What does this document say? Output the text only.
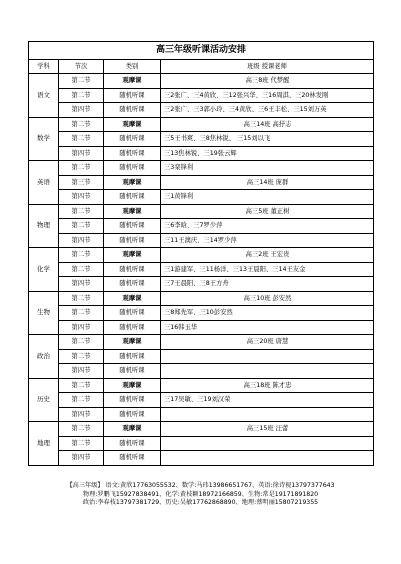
高三年级听课活动安排			
学科	节次	类别	班级 授课老师
语文	第二节	观摩课	高三8班 代梦醒
	第二节	随机听课	三2张广、三4黄欣、三12张兴华、三16周淇、三20林发刚
	第四节	随机听课	三2张广、三3郭小玲、三4黄欣、三6王丰松、三15刘万英
数学	第二节	观摩课	高三14班 高抒志
	第二节	随机听课	三5王书爽、三8焦林锐、 三15刘以飞
	第四节	随机听课	三13焦林锐、三19张云辉
英语	第二节	随机听课	三3栾锋利
	第三节	观摩课	高三14班 庞群
	第四节	随机听课	三1黄锋利
物理	第二节	观摩课	高三5班 董正树
	第二节	随机听课	三6李晗、三7罗少萍
	第四节	随机听课	三11王澳庆、三14罗少萍
化学	第二节	观摩课	高三2班 王宏贵
	第二节	随机听课	三1游建军、三11杨洋、三13王晨阳、三14王友金
	第四节	随机听课	三7王晨阳、三8王方舟
生物	第二节	观摩课	高三10班 彭安然
	第二节	随机听课	三8郑先军、三10彭安然
	第四节	随机听课	三16韩玉华
政治	第二节	观摩课	高三20班 唐慧
	第二节	随机听课	
	第四节	随机听课	
历史	第二节	观摩课	高三18班 陈才忠
	第二节	随机听课	三17吴敏、三19刘汉荣
	第四节	随机听课	
地理	第二节	观摩课	高三15班 汪蕾
	第二节	随机听课	
	第四节	随机听课	
【高三年级】 语文:黄欣17763055532、数学:马玮13986651767、英语:徐诗视13797377643
物理:罗鹏飞15927838491、化学:黄枝颖18972166859、生物:常是19171891820
政治:李春枝13797381729、历史:吴敏17762868890、地理:蔡明丽15807219355
